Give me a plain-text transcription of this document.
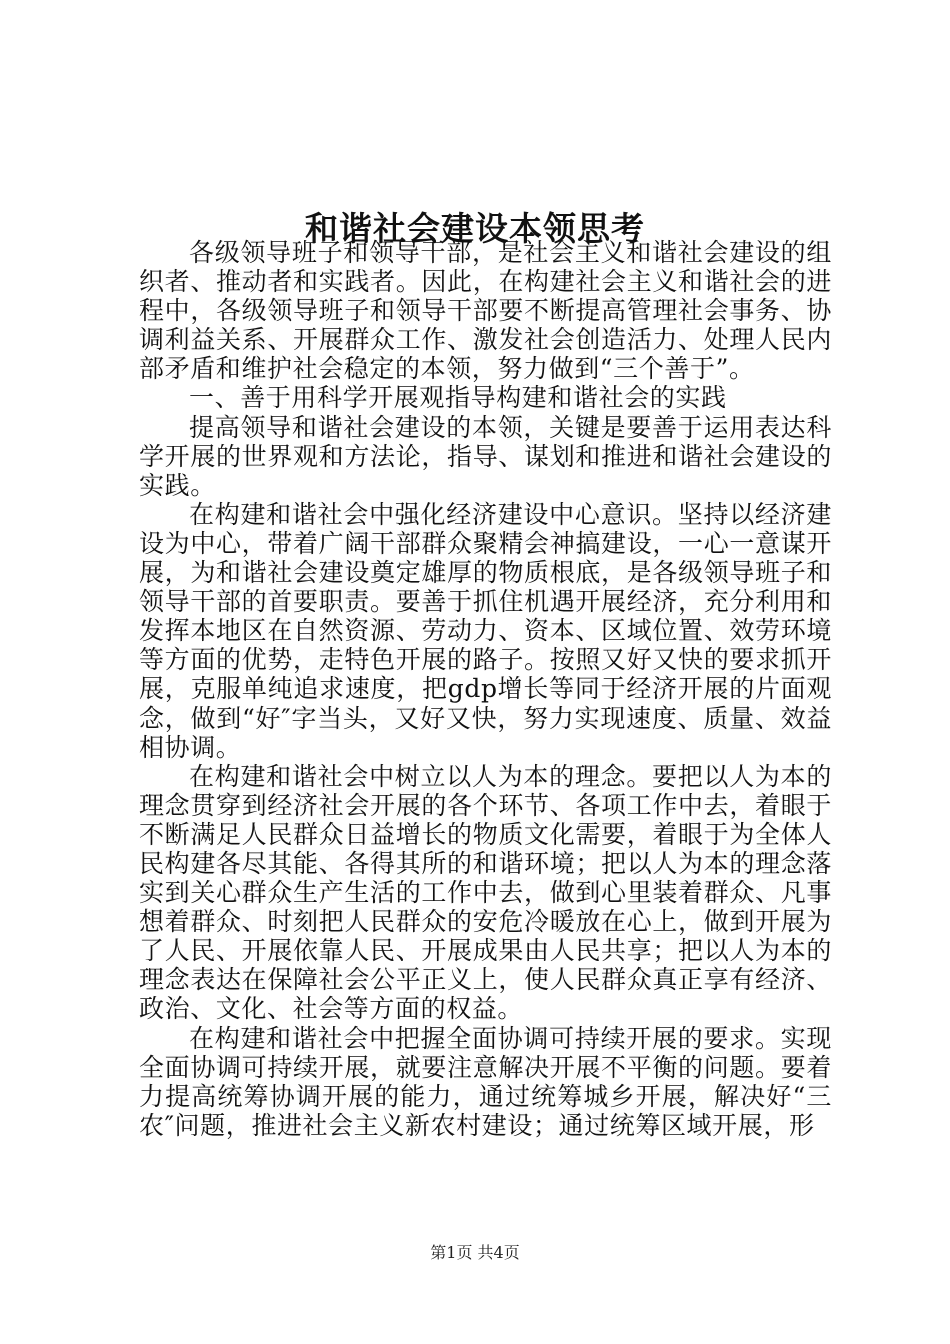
和谐社会建设本领思考

各级领导班子和领导干部，是社会主义和谐社会建设的组织者、推动者和实践者。因此，在构建社会主义和谐社会的进程中，各级领导班子和领导干部要不断提高管理社会事务、协调利益关系、开展群众工作、激发社会创造活力、处理人民内部矛盾和维护社会稳定的本领，努力做到“三个善于”。

一、善于用科学开展观指导构建和谐社会的实践

提高领导和谐社会建设的本领，关键是要善于运用表达科学开展的世界观和方法论，指导、谋划和推进和谐社会建设的实践。

在构建和谐社会中强化经济建设中心意识。坚持以经济建设为中心，带着广阔干部群众聚精会神搞建设，一心一意谋开展，为和谐社会建设奠定雄厚的物质根底，是各级领导班子和领导干部的首要职责。要善于抓住机遇开展经济，充分利用和发挥本地区在自然资源、劳动力、资本、区域位置、效劳环境等方面的优势，走特色开展的路子。按照又好又快的要求抓开展，克服单纯追求速度，把gdp增长等同于经济开展的片面观念，做到“好″字当头，又好又快，努力实现速度、质量、效益相协调。

在构建和谐社会中树立以人为本的理念。要把以人为本的理念贯穿到经济社会开展的各个环节、各项工作中去，着眼于不断满足人民群众日益增长的物质文化需要，着眼于为全体人民构建各尽其能、各得其所的和谐环境；把以人为本的理念落实到关心群众生产生活的工作中去，做到心里装着群众、凡事想着群众、时刻把人民群众的安危冷暖放在心上，做到开展为了人民、开展依靠人民、开展成果由人民共享；把以人为本的理念表达在保障社会公平正义上，使人民群众真正享有经济、政治、文化、社会等方面的权益。

在构建和谐社会中把握全面协调可持续开展的要求。实现全面协调可持续开展，就要注意解决开展不平衡的问题。要着力提高统筹协调开展的能力，通过统筹城乡开展，解决好“三农″问题，推进社会主义新农村建设；通过统筹区域开展，形

第1页 共4页
